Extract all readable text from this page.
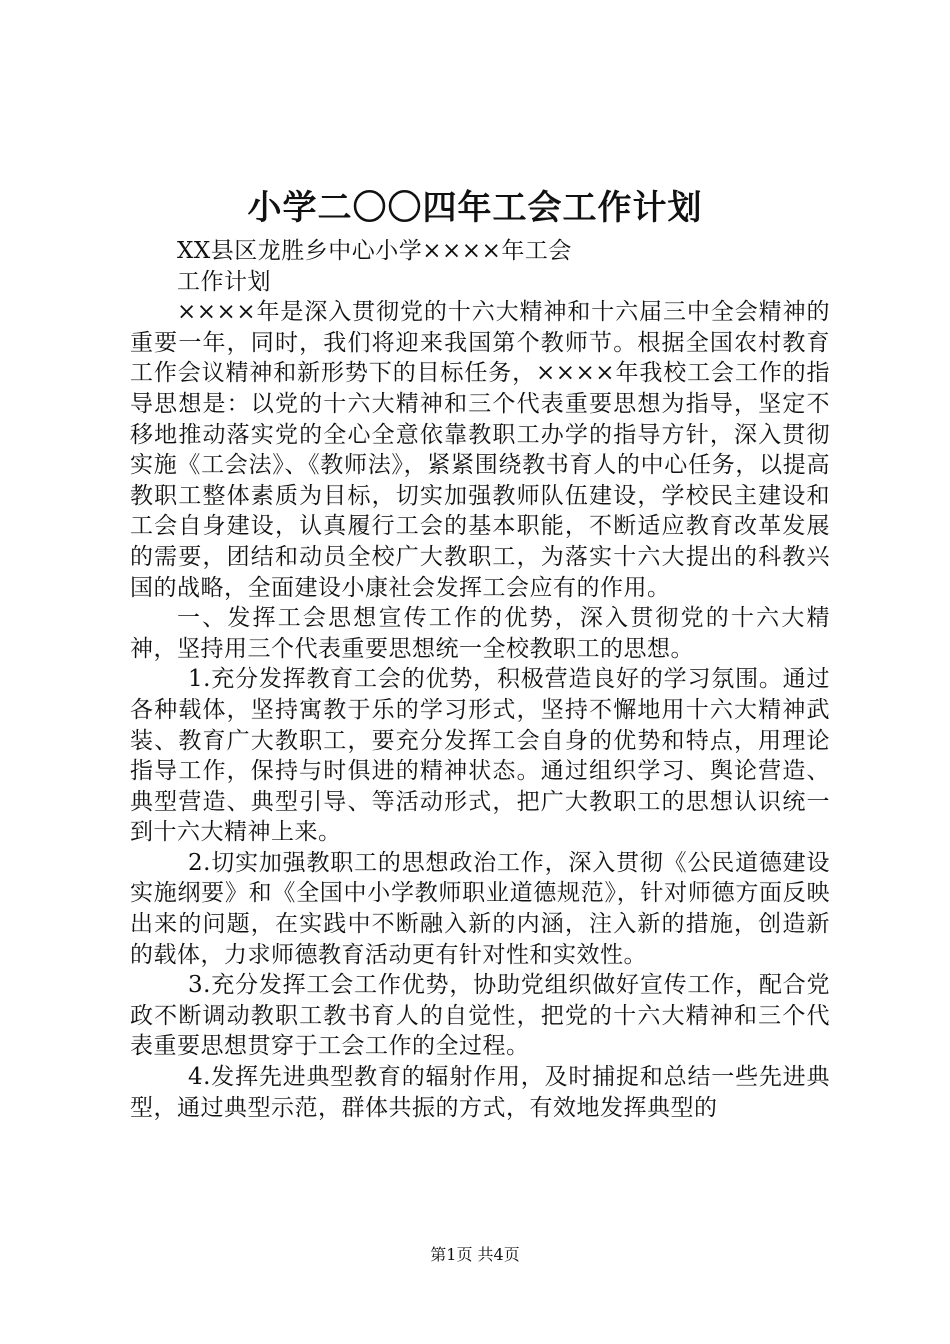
小学二〇〇四年工会工作计划

XX县区龙胜乡中心小学××××年工会

工作计划

××××年是深入贯彻党的十六大精神和十六届三中全会精神的重要一年，同时，我们将迎来我国第个教师节。根据全国农村教育工作会议精神和新形势下的目标任务，××××年我校工会工作的指导思想是：以党的十六大精神和三个代表重要思想为指导，坚定不移地推动落实党的全心全意依靠教职工办学的指导方针，深入贯彻实施《工会法》、《教师法》，紧紧围绕教书育人的中心任务，以提高教职工整体素质为目标，切实加强教师队伍建设，学校民主建设和工会自身建设，认真履行工会的基本职能，不断适应教育改革发展的需要，团结和动员全校广大教职工，为落实十六大提出的科教兴国的战略，全面建设小康社会发挥工会应有的作用。

一、发挥工会思想宣传工作的优势，深入贯彻党的十六大精神，坚持用三个代表重要思想统一全校教职工的思想。

1.充分发挥教育工会的优势，积极营造良好的学习氛围。通过各种载体，坚持寓教于乐的学习形式，坚持不懈地用十六大精神武装、教育广大教职工，要充分发挥工会自身的优势和特点，用理论指导工作，保持与时俱进的精神状态。通过组织学习、舆论营造、典型营造、典型引导、等活动形式，把广大教职工的思想认识统一到十六大精神上来。

2.切实加强教职工的思想政治工作，深入贯彻《公民道德建设实施纲要》和《全国中小学教师职业道德规范》，针对师德方面反映出来的问题，在实践中不断融入新的内涵，注入新的措施，创造新的载体，力求师德教育活动更有针对性和实效性。

3.充分发挥工会工作优势，协助党组织做好宣传工作，配合党政不断调动教职工教书育人的自觉性，把党的十六大精神和三个代表重要思想贯穿于工会工作的全过程。

4.发挥先进典型教育的辐射作用，及时捕捉和总结一些先进典型，通过典型示范，群体共振的方式，有效地发挥典型的

第1页 共4页
